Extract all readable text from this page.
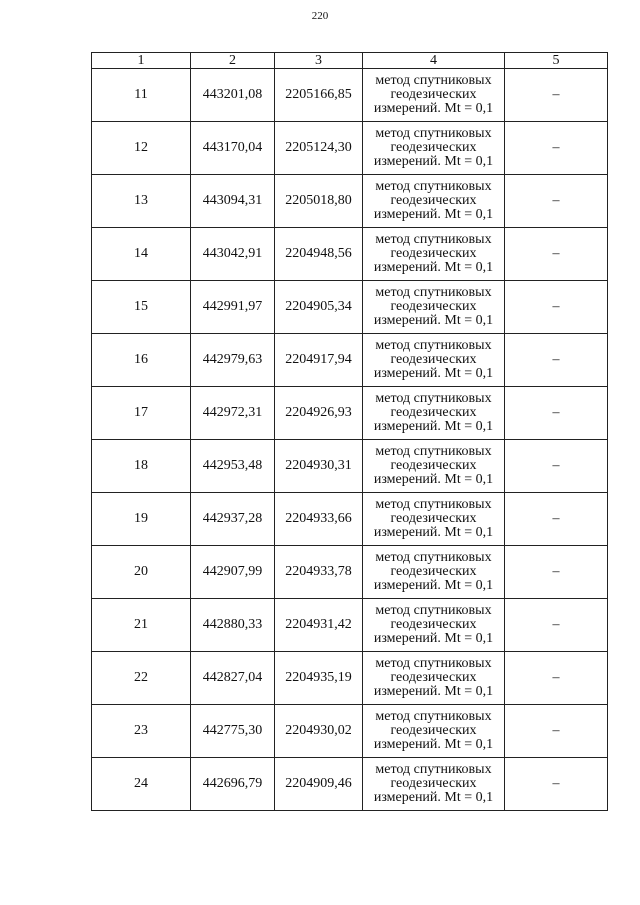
220
1	2	3	4	5
11	443201,08	2205166,85	метод спутниковых
геодезических
измерений. Mt = 0,1	–
12	443170,04	2205124,30	метод спутниковых
геодезических
измерений. Mt = 0,1	–
13	443094,31	2205018,80	метод спутниковых
геодезических
измерений. Mt = 0,1	–
14	443042,91	2204948,56	метод спутниковых
геодезических
измерений. Mt = 0,1	–
15	442991,97	2204905,34	метод спутниковых
геодезических
измерений. Mt = 0,1	–
16	442979,63	2204917,94	метод спутниковых
геодезических
измерений. Mt = 0,1	–
17	442972,31	2204926,93	метод спутниковых
геодезических
измерений. Mt = 0,1	–
18	442953,48	2204930,31	метод спутниковых
геодезических
измерений. Mt = 0,1	–
19	442937,28	2204933,66	метод спутниковых
геодезических
измерений. Mt = 0,1	–
20	442907,99	2204933,78	метод спутниковых
геодезических
измерений. Mt = 0,1	–
21	442880,33	2204931,42	метод спутниковых
геодезических
измерений. Mt = 0,1	–
22	442827,04	2204935,19	метод спутниковых
геодезических
измерений. Mt = 0,1	–
23	442775,30	2204930,02	метод спутниковых
геодезических
измерений. Mt = 0,1	–
24	442696,79	2204909,46	метод спутниковых
геодезических
измерений. Mt = 0,1	–
